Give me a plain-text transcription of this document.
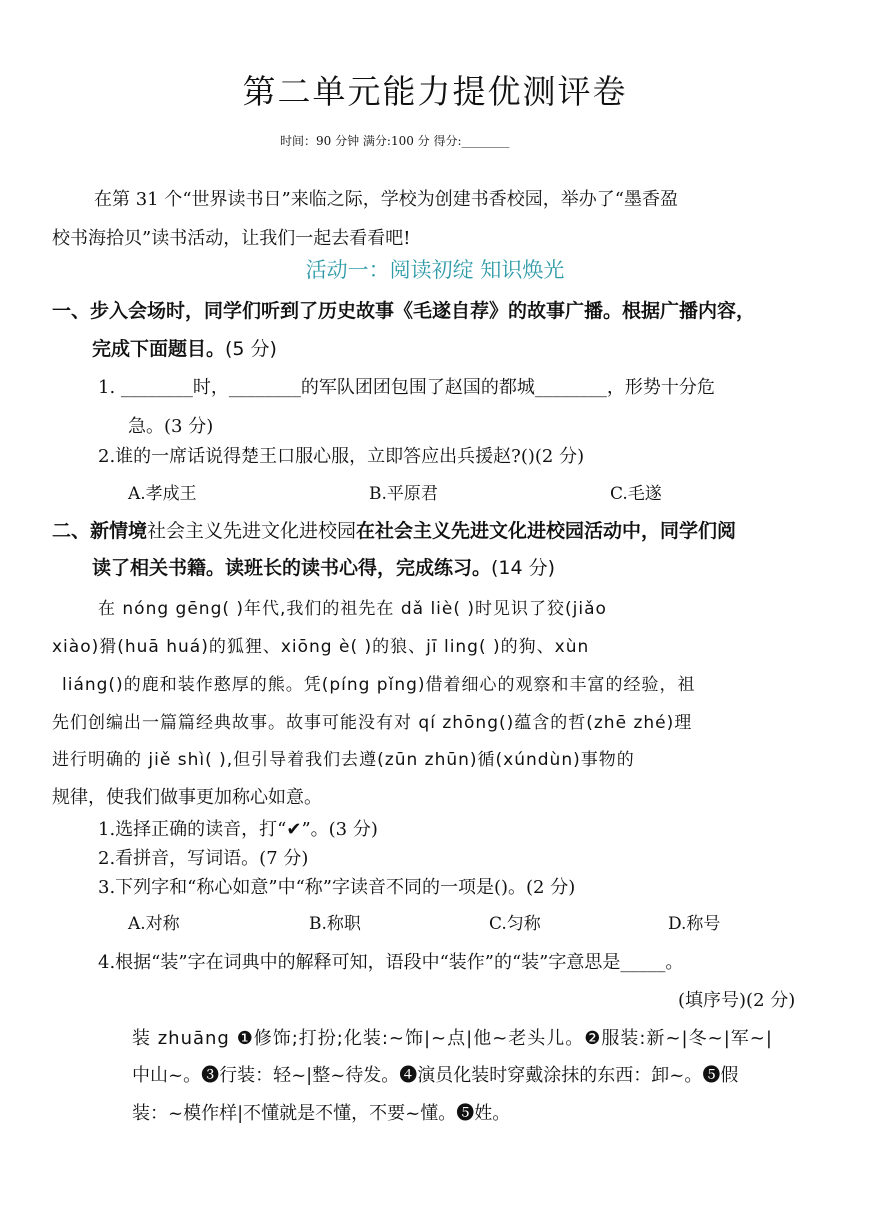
第二单元能力提优测评卷
时间：90 分钟 满分:100 分 得分:________
在第 31 个“世界读书日”来临之际，学校为创建书香校园，举办了“墨香盈
校书海拾贝”读书活动，让我们一起去看看吧!
活动一：阅读初绽 知识焕光
一、步入会场时，同学们听到了历史故事《毛遂自荐》的故事广播。根据广播内容，
完成下面题目。(5 分)
1. ________时，________的军队团团包围了赵国的都城________，形势十分危
急。(3 分)
2.谁的一席话说得楚王口服心服，立即答应出兵援赵?()(2 分)
A.孝成王	B.平原君	C.毛遂
二、新情境社会主义先进文化进校园在社会主义先进文化进校园活动中，同学们阅
读了相关书籍。读班长的读书心得，完成练习。(14 分)
在 nóng gēng( )年代,我们的祖先在 dǎ liè( )时见识了狡(jiǎo
xiào)猾(huā huá)的狐狸、xiōng è( )的狼、jī ling( )的狗、xùn
liáng()的鹿和装作憨厚的熊。凭(píng pǐng)借着细心的观察和丰富的经验，祖
先们创编出一篇篇经典故事。故事可能没有对 qí zhōng()蕴含的哲(zhē zhé)理
进行明确的 jiě shì( ),但引导着我们去遵(zūn zhūn)循(xúndùn)事物的
规律，使我们做事更加称心如意。
1.选择正确的读音，打“✔”。(3 分)
2.看拼音，写词语。(7 分)
3.下列字和“称心如意”中“称”字读音不同的一项是()。(2 分)
A.对称	B.称职	C.匀称	D.称号
4.根据“装”字在词典中的解释可知，语段中“装作”的“装”字意思是_____。
(填序号)(2 分)
装 zhuāng ❶修饰;打扮;化装:~饰|~点|他~老头儿。❷服装:新~|冬~|军~|
中山~。❸行装：轻~|整~待发。❹演员化装时穿戴涂抹的东西：卸~。❺假
装：~模作样|不懂就是不懂，不要~懂。❺姓。
